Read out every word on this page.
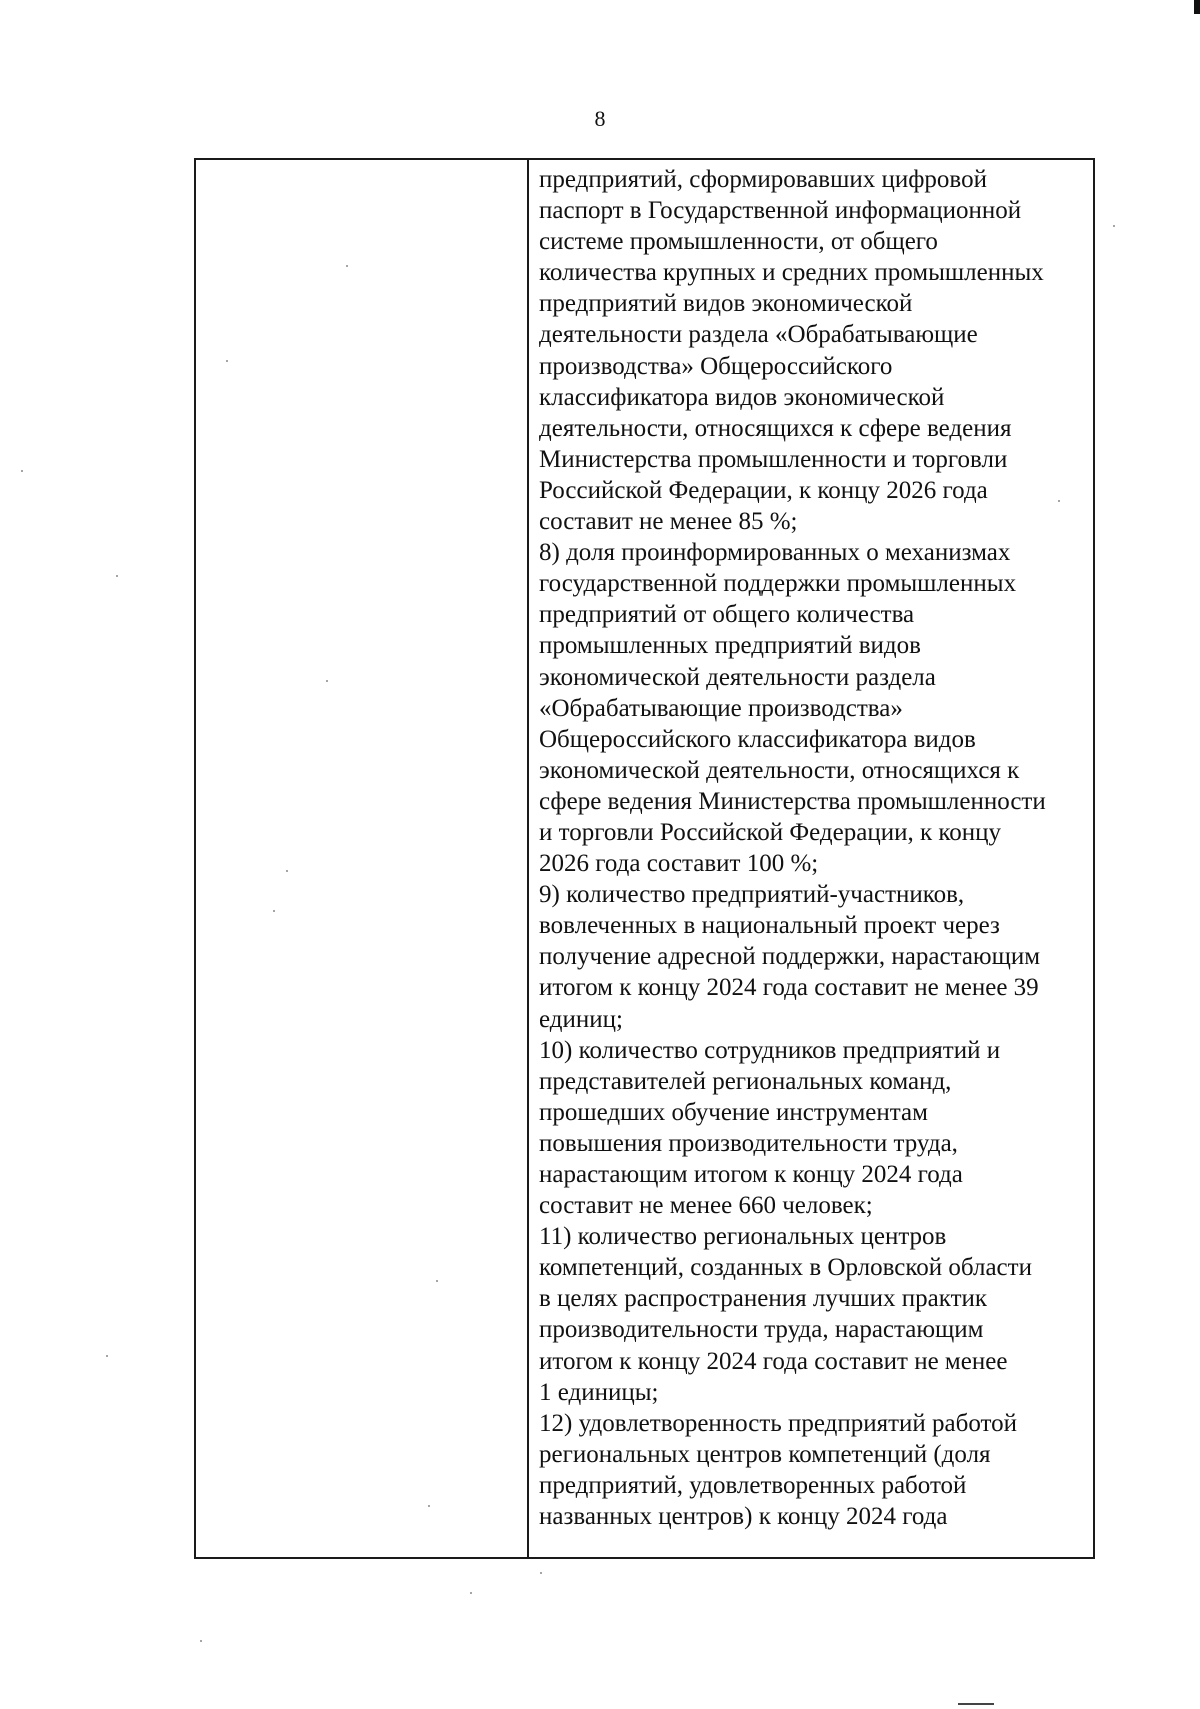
8
предприятий, сформировавших цифровой
паспорт в Государственной информационной
системе промышленности, от общего
количества крупных и средних промышленных
предприятий видов экономической
деятельности раздела «Обрабатывающие
производства» Общероссийского
классификатора видов экономической
деятельности, относящихся к сфере ведения
Министерства промышленности и торговли
Российской Федерации, к концу 2026 года
составит не менее 85 %;
8) доля проинформированных о механизмах
государственной поддержки промышленных
предприятий от общего количества
промышленных предприятий видов
экономической деятельности раздела
«Обрабатывающие производства»
Общероссийского классификатора видов
экономической деятельности, относящихся к
сфере ведения Министерства промышленности
и торговли Российской Федерации, к концу
2026 года составит 100 %;
9) количество предприятий-участников,
вовлеченных в национальный проект через
получение адресной поддержки, нарастающим
итогом к концу 2024 года составит не менее 39
единиц;
10) количество сотрудников предприятий и
представителей региональных команд,
прошедших обучение инструментам
повышения производительности труда,
нарастающим итогом к концу 2024 года
составит не менее 660 человек;
11) количество региональных центров
компетенций, созданных в Орловской области
в целях распространения лучших практик
производительности труда, нарастающим
итогом к концу 2024 года составит не менее
1 единицы;
12) удовлетворенность предприятий работой
региональных центров компетенций (доля
предприятий, удовлетворенных работой
названных центров) к концу 2024 года
